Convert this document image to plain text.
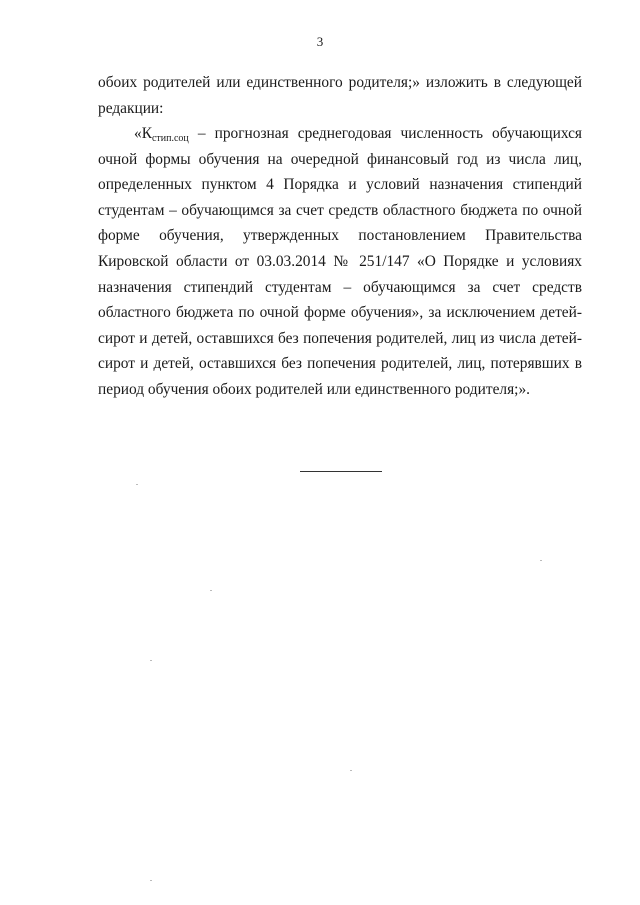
3
обоих родителей или единственного родителя;» изложить в следующей редакции:
«$К_{стип.соц}$ – прогнозная среднегодовая численность обучающихся очной формы обучения на очередной финансовый год из числа лиц, определенных пунктом 4 Порядка и условий назначения стипендий студентам – обучающимся за счет средств областного бюджета по очной форме обучения, утвержденных постановлением Правительства Кировской области от 03.03.2014 № 251/147 «О Порядке и условиях назначения стипендий студентам – обучающимся за счет средств областного бюджета по очной форме обучения», за исключением детей-сирот и детей, оставшихся без попечения родителей, лиц из числа детей-сирот и детей, оставшихся без попечения родителей, лиц, потерявших в период обучения обоих родителей или единственного родителя;».
